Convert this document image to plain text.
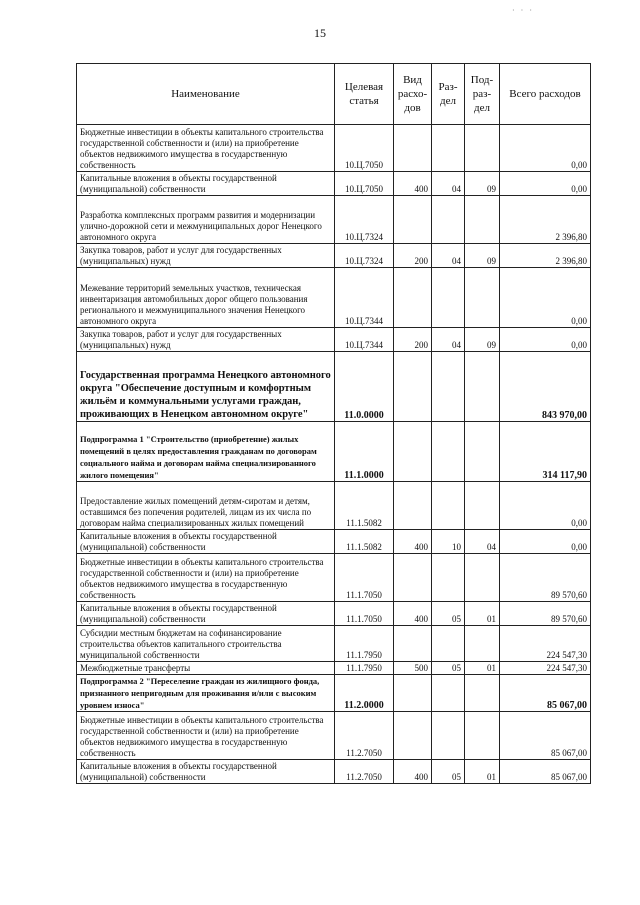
15
· · ·
Наименование	Целевая статья	Вид расхо-дов	Раз-дел	Под-раз-дел	Всего расходов
Бюджетные инвестиции в объекты капитального строительства государственной собственности и (или) на приобретение объектов недвижимого имущества в государственную собственность	10.Ц.7050				0,00
Капитальные вложения в объекты государственной (муниципальной) собственности	10.Ц.7050	400	04	09	0,00
Разработка комплексных программ развития и модернизации улично-дорожной сети и межмуниципальных дорог Ненецкого автономного округа	10.Ц.7324				2 396,80
Закупка товаров, работ и услуг для государственных (муниципальных) нужд	10.Ц.7324	200	04	09	2 396,80
Межевание территорий земельных участков, техническая инвентаризация автомобильных дорог общего пользования регионального и межмуниципального значения Ненецкого автономного округа	10.Ц.7344				0,00
Закупка товаров, работ и услуг для государственных (муниципальных) нужд	10.Ц.7344	200	04	09	0,00
Государственная программа Ненецкого автономного округа "Обеспечение доступным и комфортным жильём и коммунальными услугами граждан, проживающих в Ненецком автономном округе"	11.0.0000				843 970,00
Подпрограмма 1 "Строительство (приобретение) жилых помещений в целях предоставления гражданам по договорам социального найма и договорам найма специализированного жилого помещения"	11.1.0000				314 117,90
Предоставление жилых помещений детям-сиротам и детям, оставшимся без попечения родителей, лицам из их числа по договорам найма специализированных жилых помещений	11.1.5082				0,00
Капитальные вложения в объекты государственной (муниципальной) собственности	11.1.5082	400	10	04	0,00
Бюджетные инвестиции в объекты капитального строительства государственной собственности и (или) на приобретение объектов недвижимого имущества в государственную собственность	11.1.7050				89 570,60
Капитальные вложения в объекты государственной (муниципальной) собственности	11.1.7050	400	05	01	89 570,60
Субсидии местным бюджетам на софинансирование строительства объектов капитального строительства муниципальной собственности	11.1.7950				224 547,30
Межбюджетные трансферты	11.1.7950	500	05	01	224 547,30
Подпрограмма 2 "Переселение граждан из жилищного фонда, признанного непригодным для проживания и/или с высоким уровнем износа"	11.2.0000				85 067,00
Бюджетные инвестиции в объекты капитального строительства государственной собственности и (или) на приобретение объектов недвижимого имущества в государственную собственность	11.2.7050				85 067,00
Капитальные вложения в объекты государственной (муниципальной) собственности	11.2.7050	400	05	01	85 067,00
